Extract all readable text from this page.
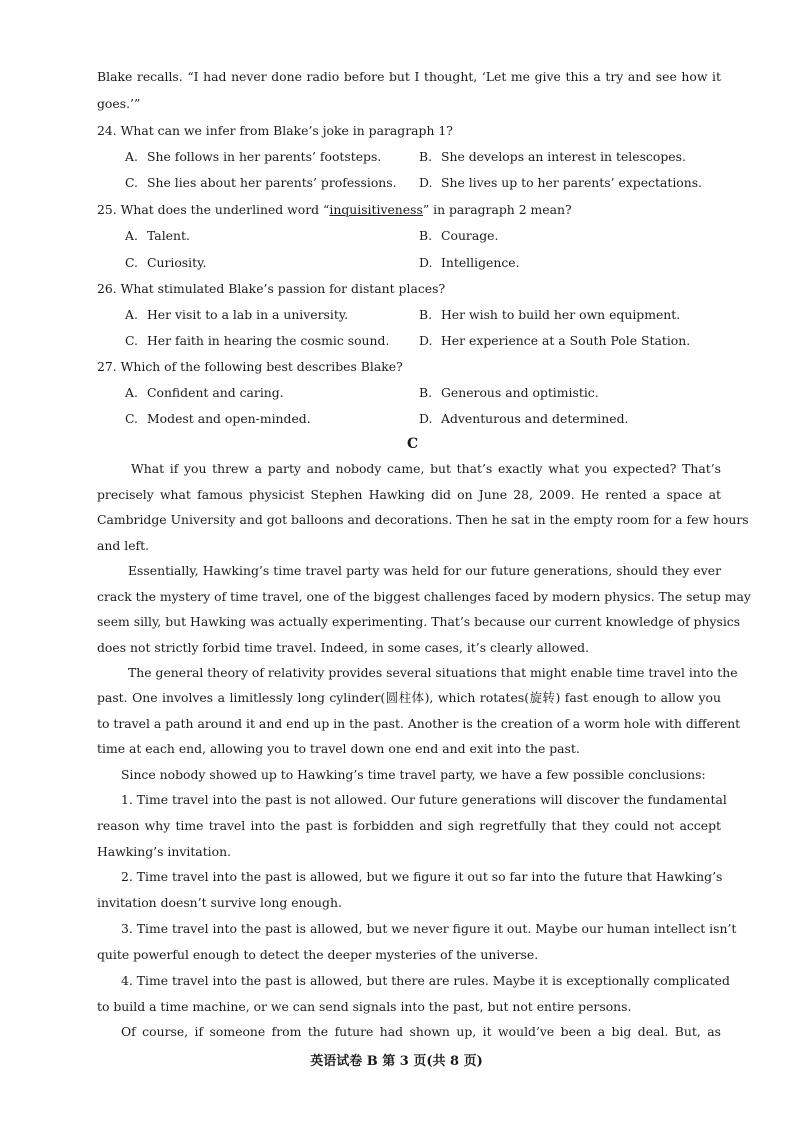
Blake recalls. “I had never done radio before but I thought, ‘Let me give this a try and see how it
goes.’”
24. What can we infer from Blake’s joke in paragraph 1?
A. She follows in her parents’ footsteps.	B. She develops an interest in telescopes.
C. She lies about her parents’ professions. D. She lives up to her parents’ expectations.
25. What does the underlined word “inquisitiveness” in paragraph 2 mean?
A. Talent.	B. Courage.
C. Curiosity.	D. Intelligence.
26. What stimulated Blake’s passion for distant places?
A. Her visit to a lab in a university.	B. Her wish to build her own equipment.
C. Her faith in hearing the cosmic sound. D. Her experience at a South Pole Station.
27. Which of the following best describes Blake?
A. Confident and caring.	B. Generous and optimistic.
C. Modest and open-minded.	D. Adventurous and determined.
C
What if you threw a party and nobody came, but that’s exactly what you expected? That’s
precisely what famous physicist Stephen Hawking did on June 28, 2009. He rented a space at
Cambridge University and got balloons and decorations. Then he sat in the empty room for a few hours
and left.
Essentially, Hawking’s time travel party was held for our future generations, should they ever
crack the mystery of time travel, one of the biggest challenges faced by modern physics. The setup may
seem silly, but Hawking was actually experimenting. That’s because our current knowledge of physics
does not strictly forbid time travel. Indeed, in some cases, it’s clearly allowed.
The general theory of relativity provides several situations that might enable time travel into the
past. One involves a limitlessly long cylinder(圆柱体), which rotates(旋转) fast enough to allow you
to travel a path around it and end up in the past. Another is the creation of a worm hole with different
time at each end, allowing you to travel down one end and exit into the past.
Since nobody showed up to Hawking’s time travel party, we have a few possible conclusions:
1. Time travel into the past is not allowed. Our future generations will discover the fundamental
reason why time travel into the past is forbidden and sigh regretfully that they could not accept
Hawking’s invitation.
2. Time travel into the past is allowed, but we figure it out so far into the future that Hawking’s
invitation doesn’t survive long enough.
3. Time travel into the past is allowed, but we never figure it out. Maybe our human intellect isn’t
quite powerful enough to detect the deeper mysteries of the universe.
4. Time travel into the past is allowed, but there are rules. Maybe it is exceptionally complicated
to build a time machine, or we can send signals into the past, but not entire persons.
Of course, if someone from the future had shown up, it would’ve been a big deal. But, as
英语试卷 B 第 3 页(共 8 页)
